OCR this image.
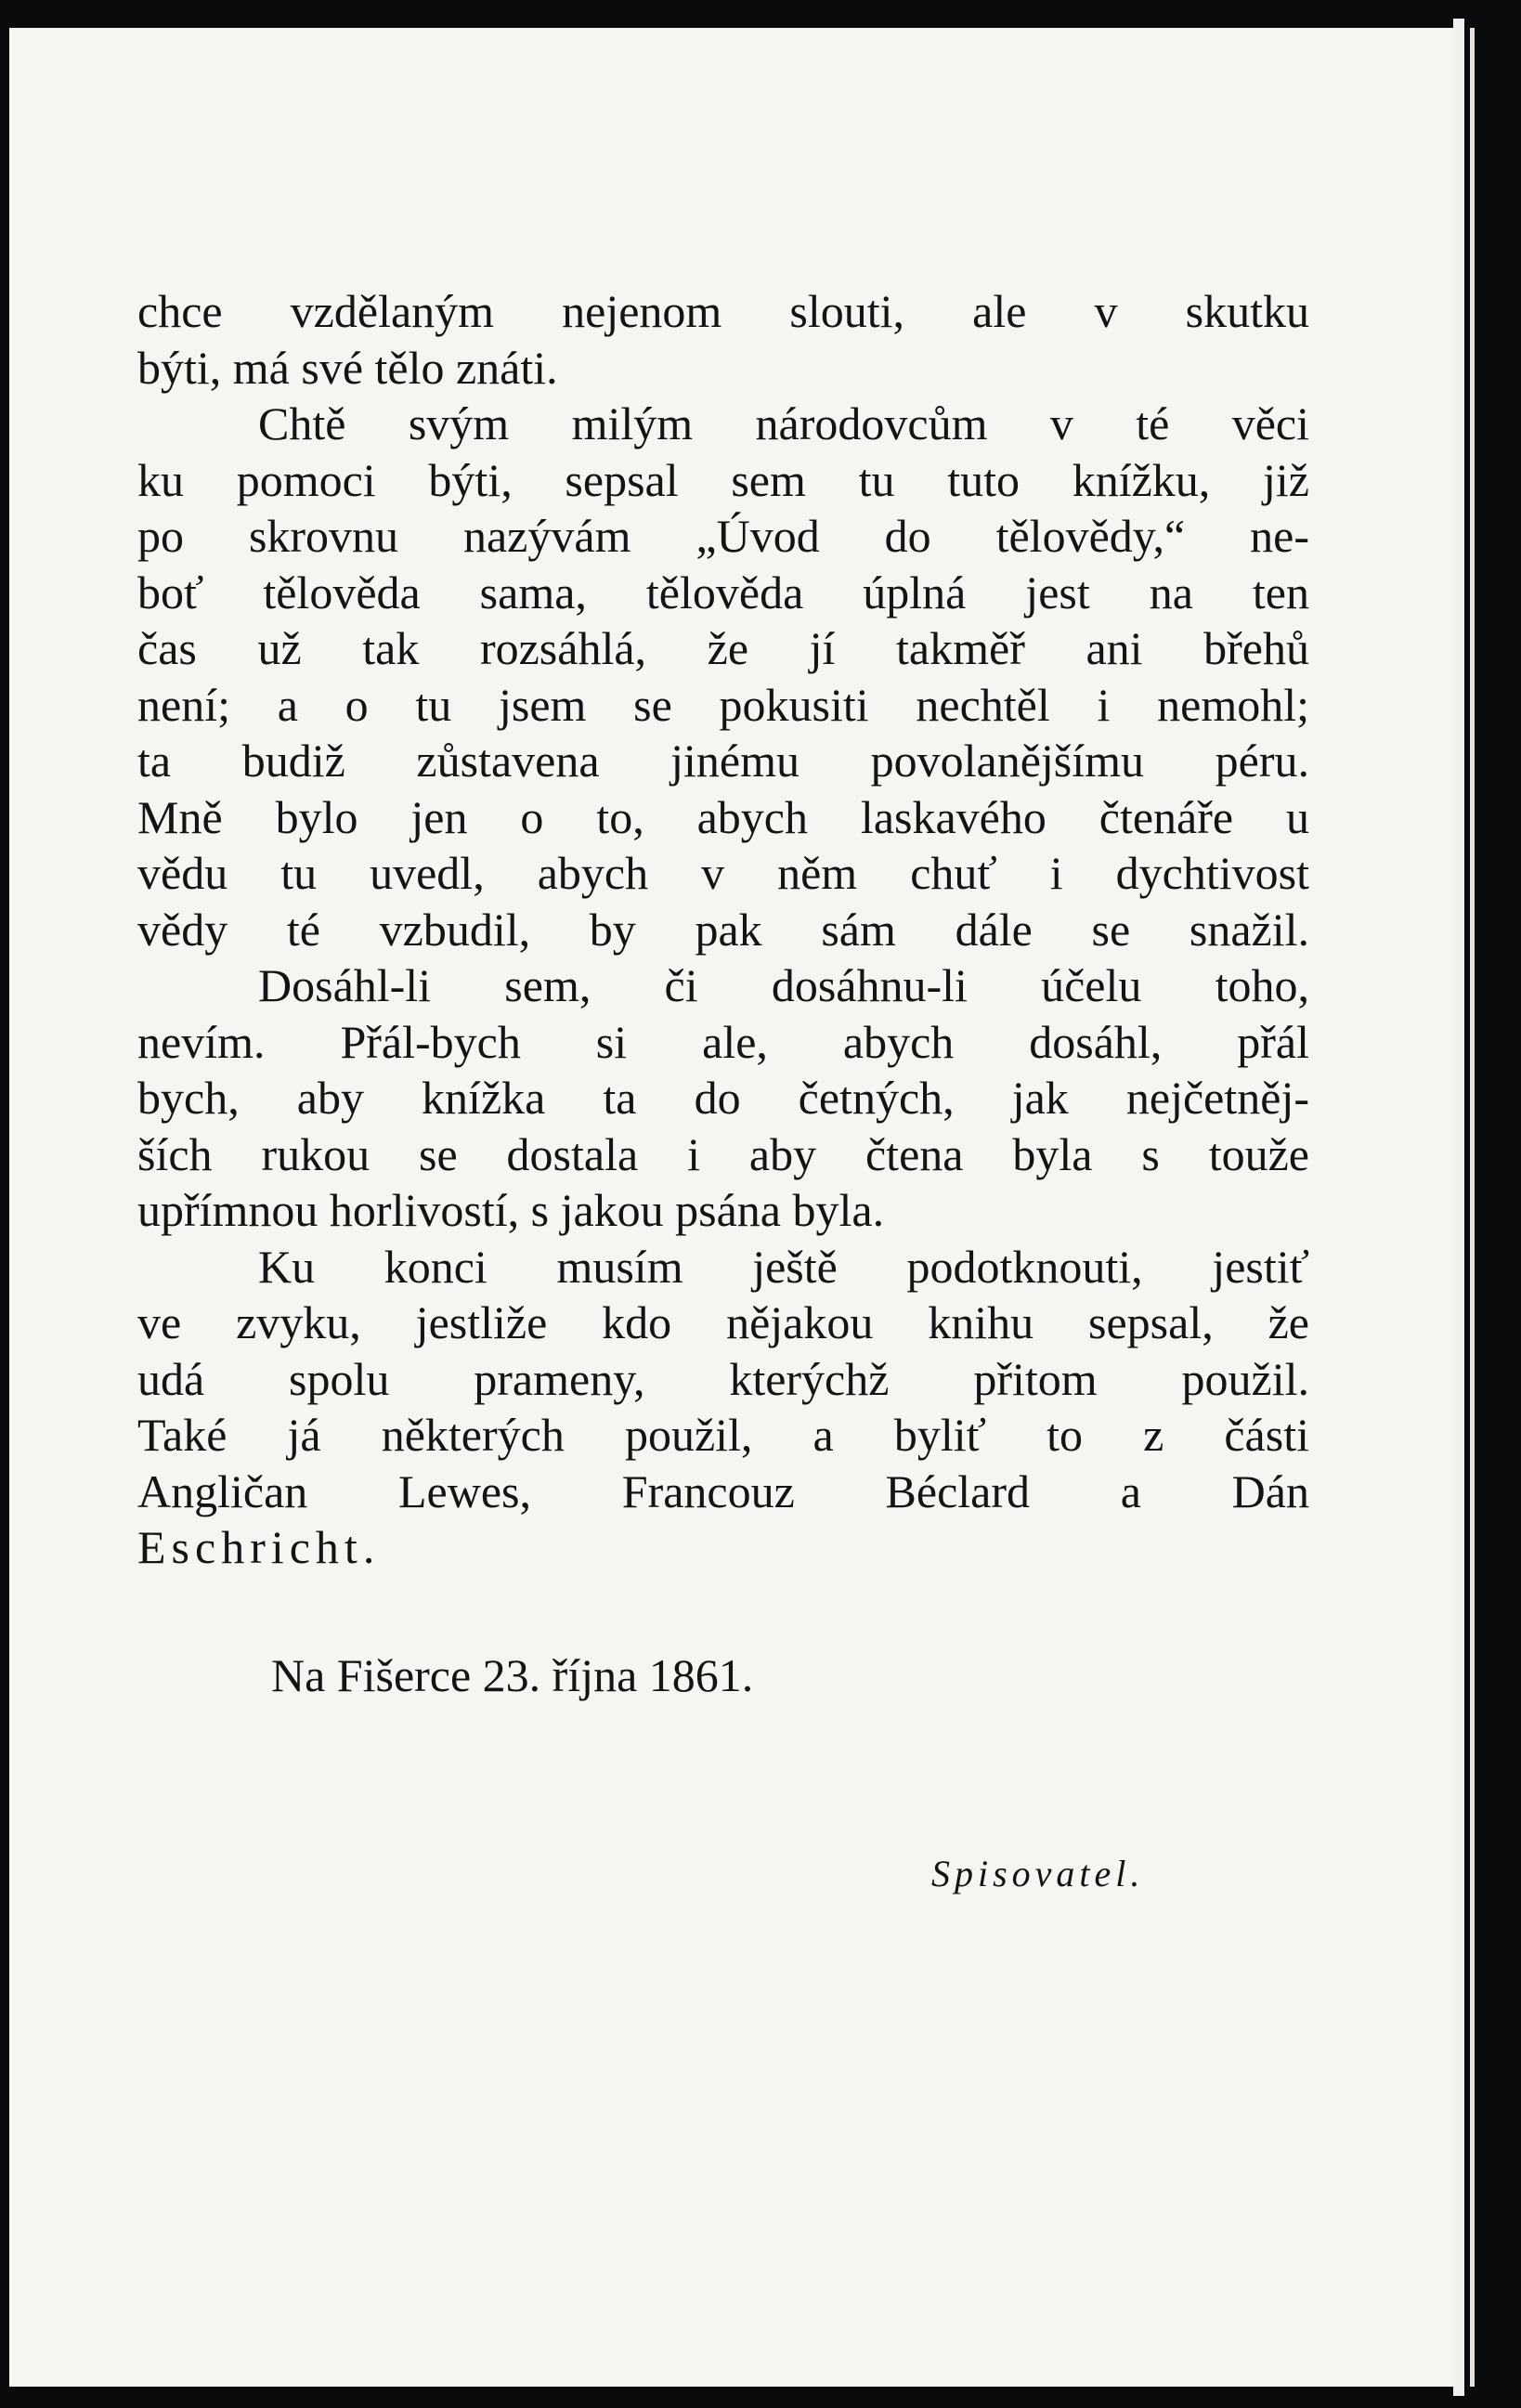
chce vzdělaným nejenom slouti, ale v skutku
býti, má své tělo znáti.
Chtě svým milým národovcům v té věci
ku pomoci býti, sepsal sem tu tuto knížku, již
po skrovnu nazývám „Úvod do tělovědy,“ ne-
boť tělověda sama, tělověda úplná jest na ten
čas už tak rozsáhlá, že jí takměř ani břehů
není; a o tu jsem se pokusiti nechtěl i nemohl;
ta budiž zůstavena jinému povolanějšímu péru.
Mně bylo jen o to, abych laskavého čtenáře u
vědu tu uvedl, abych v něm chuť i dychtivost
vědy té vzbudil, by pak sám dále se snažil.
Dosáhl-li sem, či dosáhnu-li účelu toho,
nevím. Přál-bych si ale, abych dosáhl, přál
bych, aby knížka ta do četných, jak nejčetněj-
ších rukou se dostala i aby čtena byla s touže
upřímnou horlivostí, s jakou psána byla.
Ku konci musím ještě podotknouti, jestiť
ve zvyku, jestliže kdo nějakou knihu sepsal, že
udá spolu prameny, kterýchž přitom použil.
Také já některých použil, a byliť to z části
Angličan Lewes, Francouz Béclard a Dán
Eschricht.
Na Fišerce 23. října 1861.
Spisovatel.
